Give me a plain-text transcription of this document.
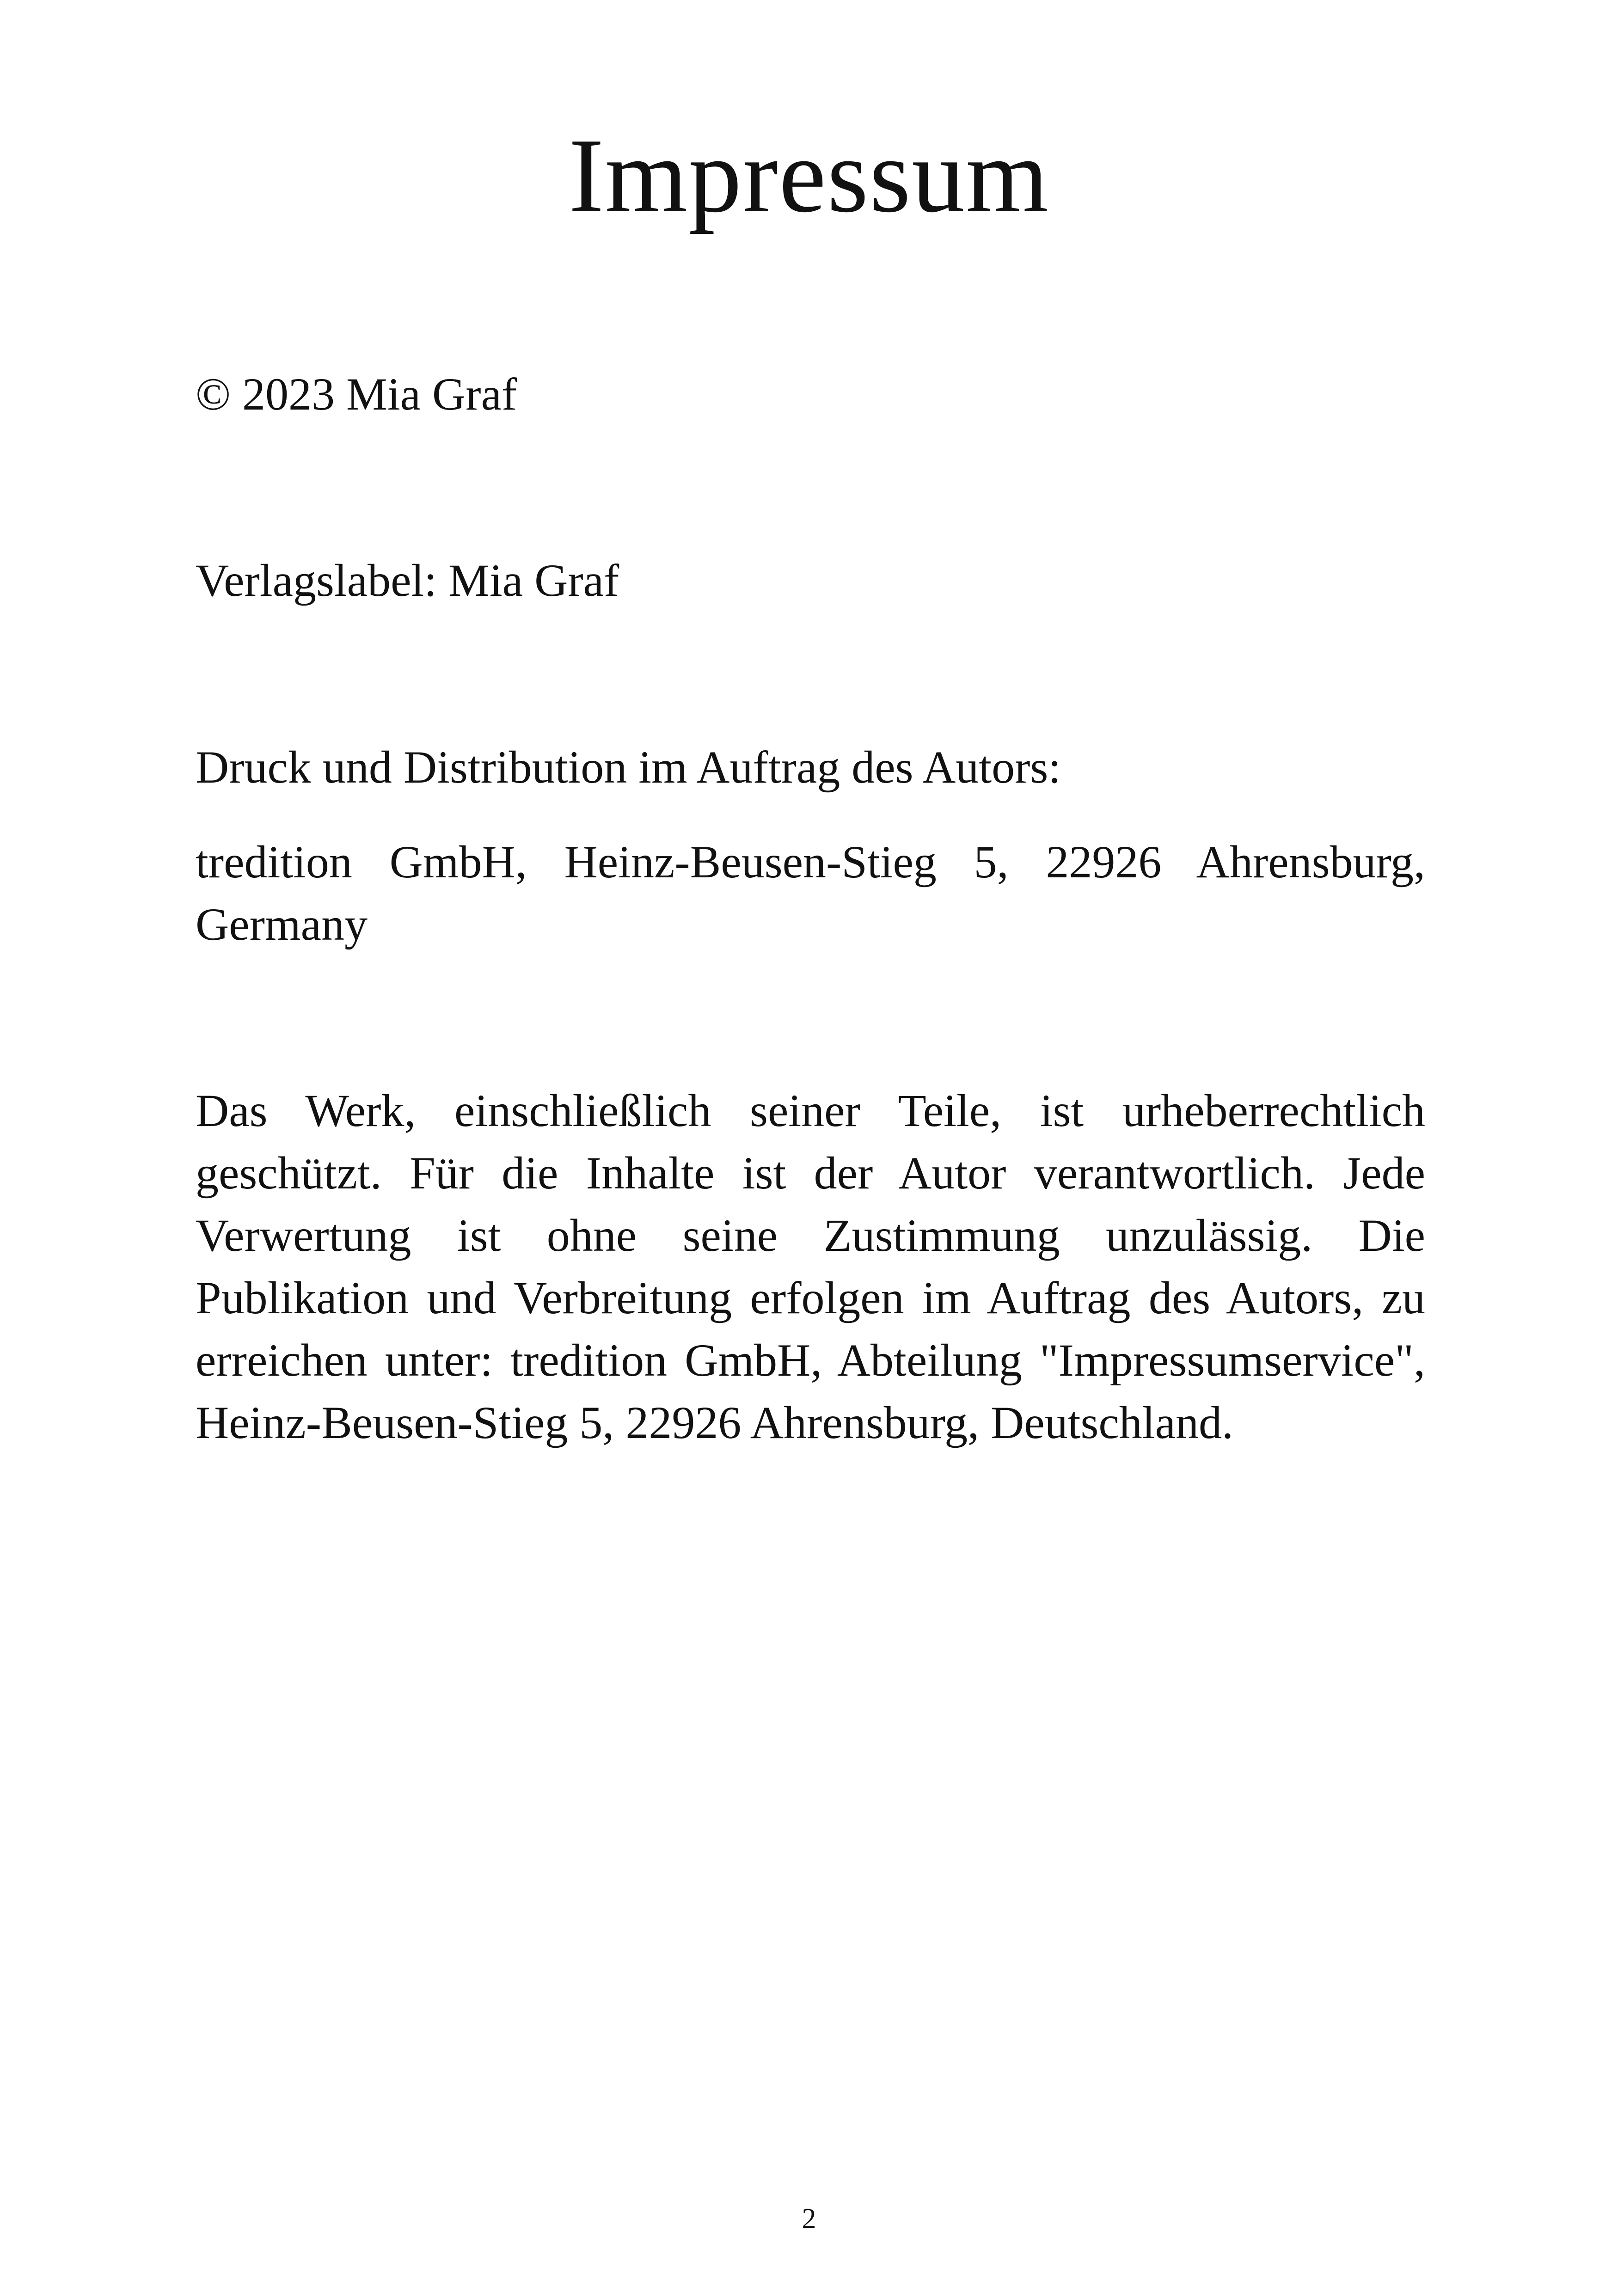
Impressum

© 2023 Mia Graf

Verlagslabel: Mia Graf

Druck und Distribution im Auftrag des Autors:

tredition GmbH, Heinz-Beusen-Stieg 5, 22926 Ahrensburg, Germany

Das Werk, einschließlich seiner Teile, ist urheberrechtlich geschützt. Für die Inhalte ist der Autor verantwortlich. Jede Verwertung ist ohne seine Zustimmung unzulässig. Die Publikation und Verbreitung erfolgen im Auftrag des Autors, zu erreichen unter: tredition GmbH, Abteilung "Impressumservice", Heinz-Beusen-Stieg 5, 22926 Ahrensburg, Deutschland.

2
